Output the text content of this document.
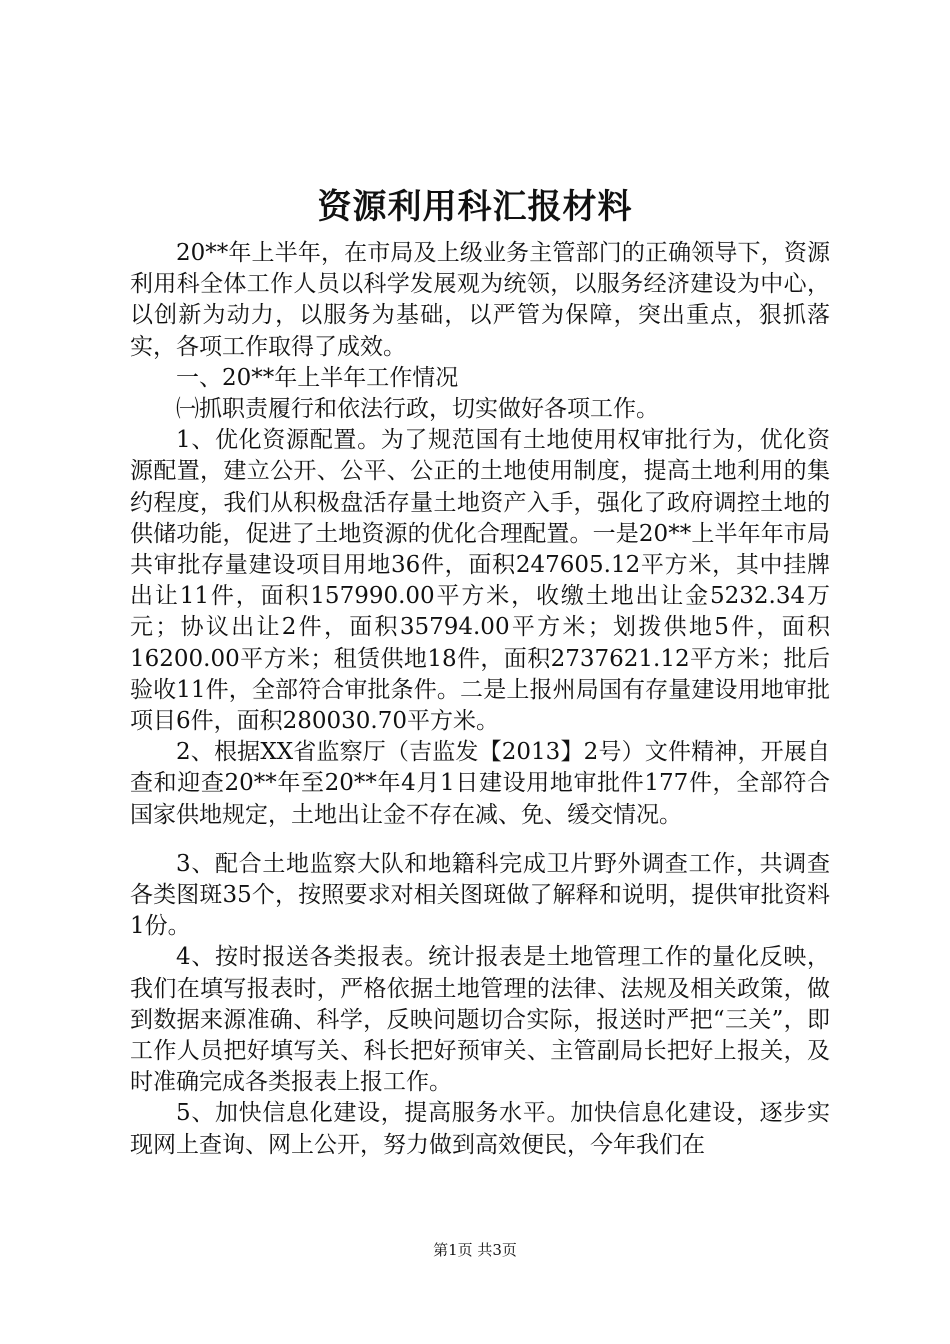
资源利用科汇报材料

20**年上半年，在市局及上级业务主管部门的正确领导下，资源利用科全体工作人员以科学发展观为统领，以服务经济建设为中心，以创新为动力，以服务为基础，以严管为保障，突出重点，狠抓落实，各项工作取得了成效。

一、20**年上半年工作情况

㈠抓职责履行和依法行政，切实做好各项工作。

1、优化资源配置。为了规范国有土地使用权审批行为，优化资源配置，建立公开、公平、公正的土地使用制度，提高土地利用的集约程度，我们从积极盘活存量土地资产入手，强化了政府调控土地的供储功能，促进了土地资源的优化合理配置。一是20**上半年年市局共审批存量建设项目用地36件，面积247605.12平方米，其中挂牌出让11件，面积157990.00平方米，收缴土地出让金5232.34万元；协议出让2件，面积35794.00平方米；划拨供地5件，面积16200.00平方米；租赁供地18件，面积2737621.12平方米；批后验收11件，全部符合审批条件。二是上报州局国有存量建设用地审批项目6件，面积280030.70平方米。

2、根据XX省监察厅（吉监发【2013】2号）文件精神，开展自查和迎查20**年至20**年4月1日建设用地审批件177件，全部符合国家供地规定，土地出让金不存在减、免、缓交情况。

3、配合土地监察大队和地籍科完成卫片野外调查工作，共调查各类图斑35个，按照要求对相关图斑做了解释和说明，提供审批资料1份。

4、按时报送各类报表。统计报表是土地管理工作的量化反映，我们在填写报表时，严格依据土地管理的法律、法规及相关政策，做到数据来源准确、科学，反映问题切合实际，报送时严把“三关”，即工作人员把好填写关、科长把好预审关、主管副局长把好上报关，及时准确完成各类报表上报工作。

5、加快信息化建设，提高服务水平。加快信息化建设，逐步实现网上查询、网上公开，努力做到高效便民，今年我们在

第1页 共3页
